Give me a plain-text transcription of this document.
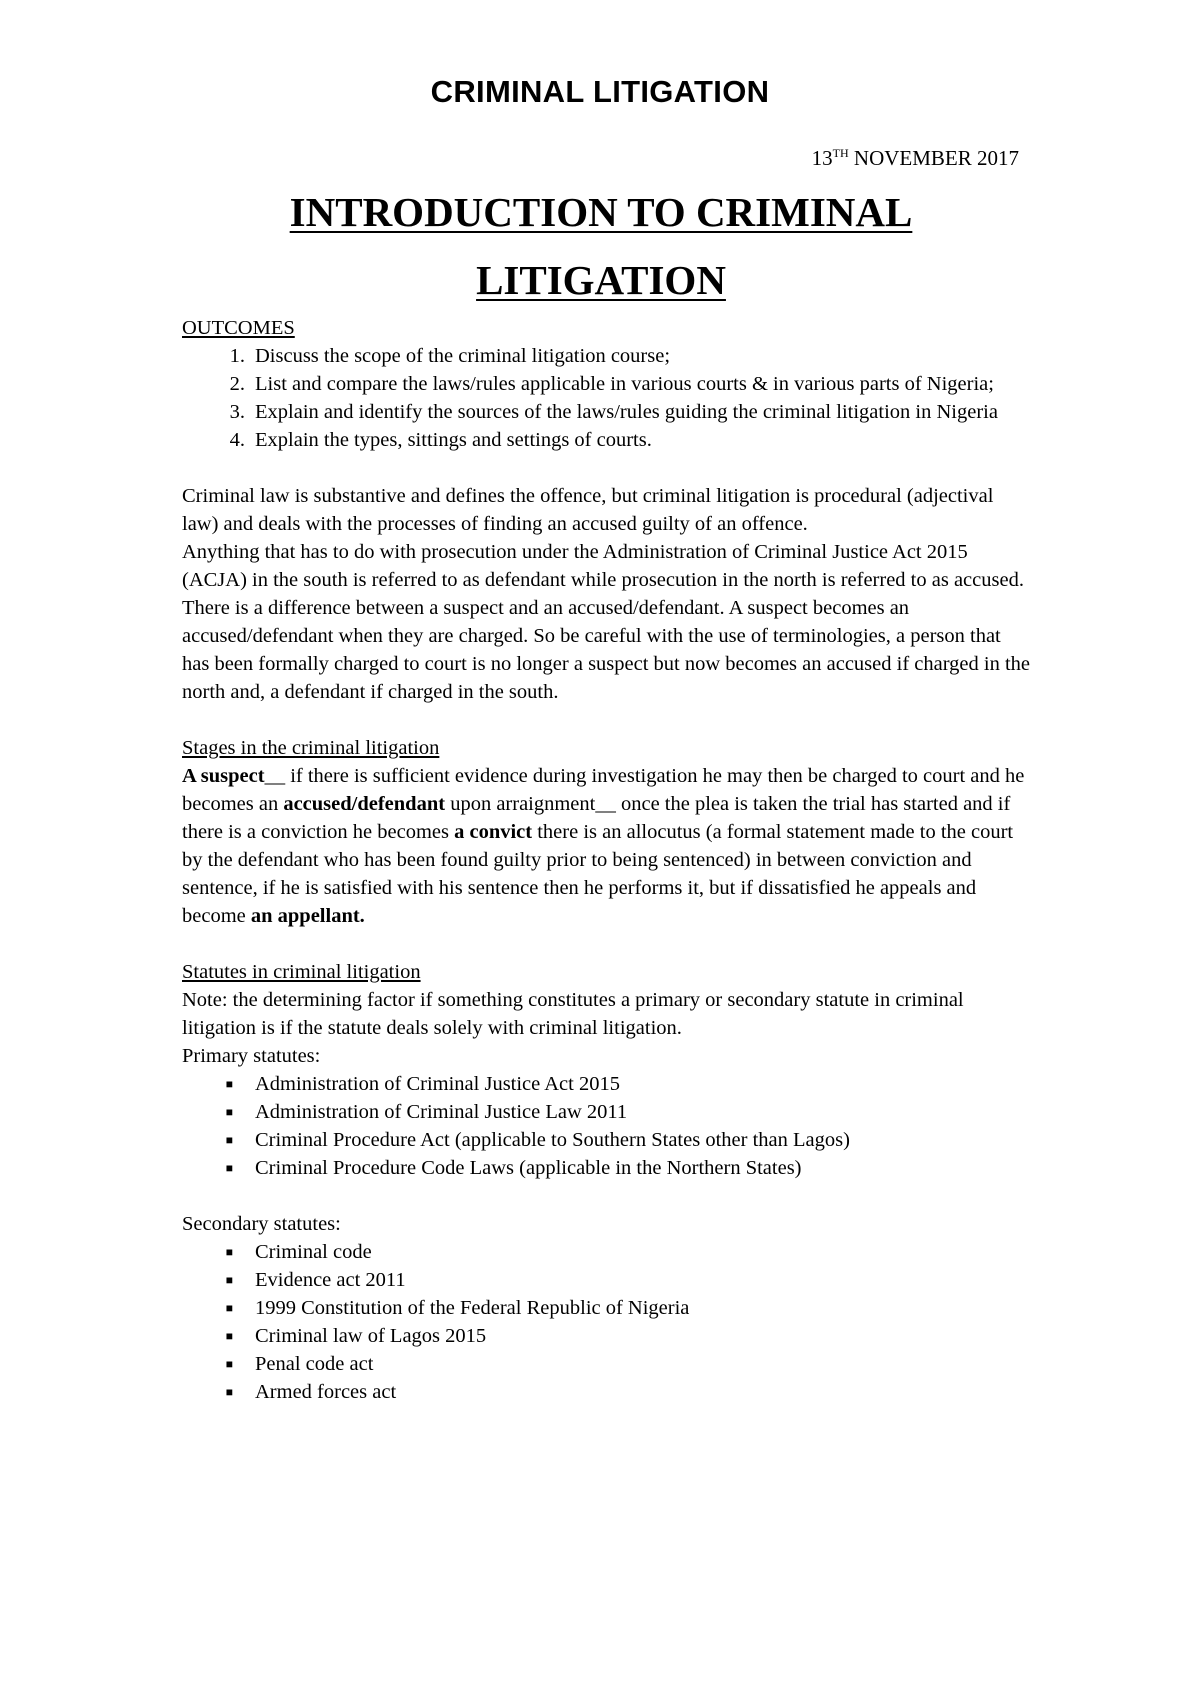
CRIMINAL LITIGATION
13TH NOVEMBER 2017
INTRODUCTION TO CRIMINAL
LITIGATION
OUTCOMES
1. Discuss the scope of the criminal litigation course;
2. List and compare the laws/rules applicable in various courts & in various parts of Nigeria;
3. Explain and identify the sources of the laws/rules guiding the criminal litigation in Nigeria
4. Explain the types, sittings and settings of courts.

Criminal law is substantive and defines the offence, but criminal litigation is procedural (adjectival law) and deals with the processes of finding an accused guilty of an offence.

Anything that has to do with prosecution under the Administration of Criminal Justice Act 2015 (ACJA) in the south is referred to as defendant while prosecution in the north is referred to as accused. There is a difference between a suspect and an accused/defendant. A suspect becomes an accused/defendant when they are charged. So be careful with the use of terminologies, a person that has been formally charged to court is no longer a suspect but now becomes an accused if charged in the north and, a defendant if charged in the south.

Stages in the criminal litigation

A suspect__ if there is sufficient evidence during investigation he may then be charged to court and he becomes an accused/defendant upon arraignment__ once the plea is taken the trial has started and if there is a conviction he becomes a convict there is an allocutus (a formal statement made to the court by the defendant who has been found guilty prior to being sentenced) in between conviction and sentence, if he is satisfied with his sentence then he performs it, but if dissatisfied he appeals and become an appellant.

Statutes in criminal litigation

Note: the determining factor if something constitutes a primary or secondary statute in criminal litigation is if the statute deals solely with criminal litigation.

Primary statutes:
■	Administration of Criminal Justice Act 2015
■	Administration of Criminal Justice Law 2011
■	Criminal Procedure Act (applicable to Southern States other than Lagos)
■	Criminal Procedure Code Laws (applicable in the Northern States)
Secondary statutes:
■	Criminal code
■	Evidence act 2011
■	1999 Constitution of the Federal Republic of Nigeria
■	Criminal law of Lagos 2015
■	Penal code act
■	Armed forces act
